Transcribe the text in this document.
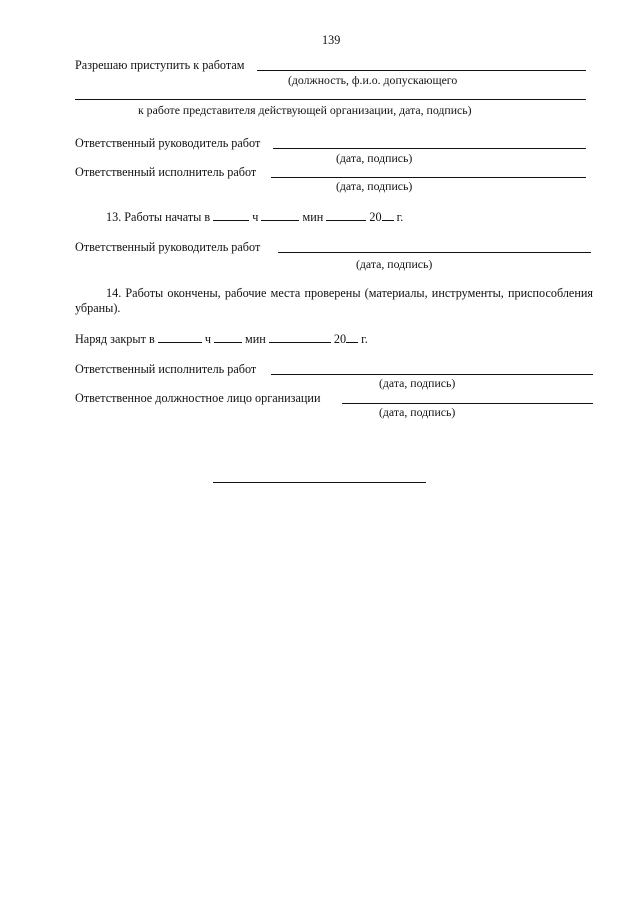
139
Разрешаю приступить к работам
(должность, ф.и.о. допускающего
к работе представителя действующей организации, дата, подпись)
Ответственный руководитель работ
(дата, подпись)
Ответственный исполнитель работ
(дата, подпись)
13. Работы начаты в	ч	мин	20 г.
Ответственный руководитель работ
(дата, подпись)
14. Работы окончены, рабочие места проверены (материалы, инструменты, приспособления убраны).
Наряд закрыт в	ч	мин	20 г.
Ответственный исполнитель работ
(дата, подпись)
Ответственное должностное лицо организации
(дата, подпись)
